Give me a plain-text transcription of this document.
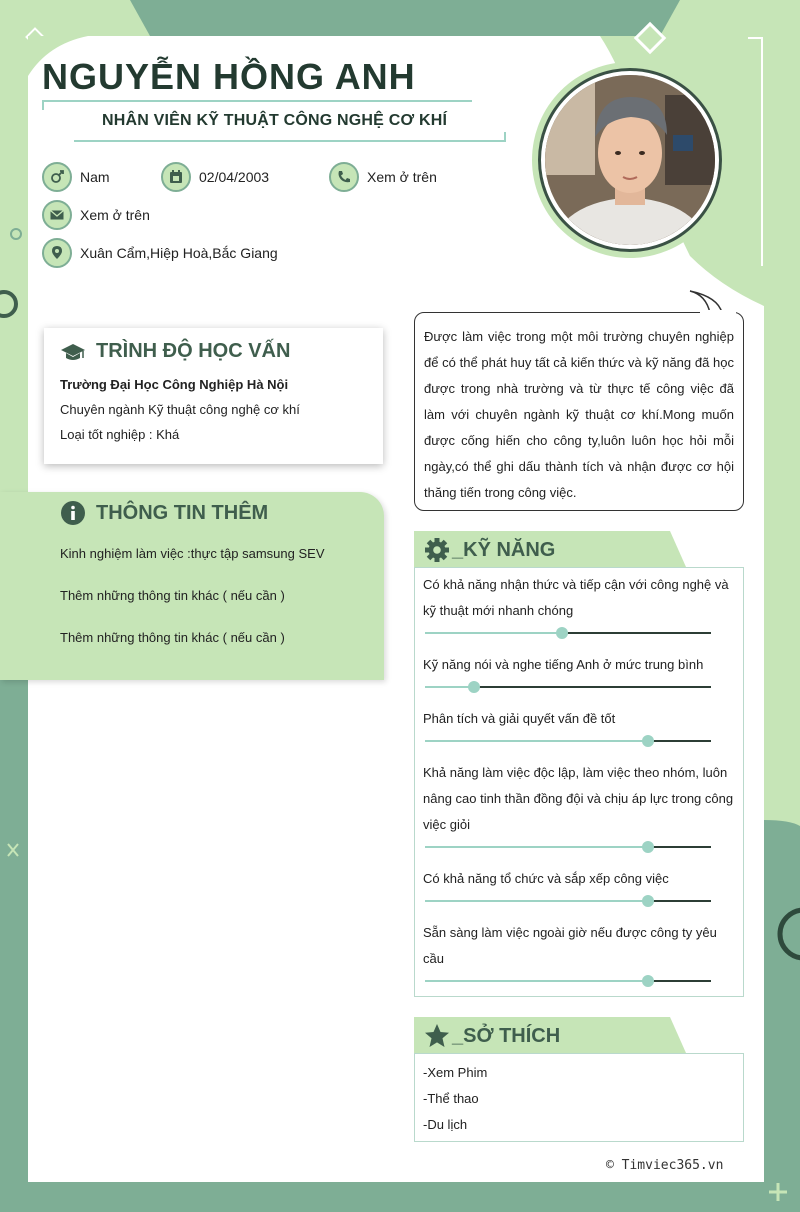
NGUYỄN HỒNG ANH
NHÂN VIÊN KỸ THUẬT CÔNG NGHỆ CƠ KHÍ
Nam	02/04/2003	Xem ở trên
Xem ở trên
Xuân Cẩm,Hiệp Hoà,Bắc Giang
TRÌNH ĐỘ HỌC VẤN
Trường Đại Học Công Nghiệp Hà Nội
Chuyên ngành Kỹ thuật công nghệ cơ khí
Loại tốt nghiệp : Khá
THÔNG TIN THÊM

Kinh nghiệm làm việc :thực tập samsung SEV

Thêm những thông tin khác ( nếu cần )

Thêm những thông tin khác ( nếu cần )

Được làm việc trong một môi trường chuyên nghiệp để có thể phát huy tất cả kiến thức và kỹ năng đã học được trong nhà trường và từ thực tế công việc đã làm với chuyên ngành kỹ thuật cơ khí.Mong muốn được cống hiến cho công ty,luôn luôn học hỏi mỗi ngày,có thể ghi dấu thành tích và nhận được cơ hội thăng tiến trong công việc.
_KỸ NĂNG
Có khả năng nhận thức và tiếp cận với công nghệ và kỹ thuật mới nhanh chóng
Kỹ năng nói và nghe tiếng Anh ở mức trung bình
Phân tích và giải quyết vấn đề tốt
Khả năng làm việc độc lập, làm việc theo nhóm, luôn nâng cao tinh thần đồng đội và chịu áp lực trong công việc giỏi
Có khả năng tổ chức và sắp xếp công việc
Sẵn sàng làm việc ngoài giờ nếu được công ty yêu cầu
_SỞ THÍCH
-Xem Phim
-Thể thao
-Du lịch
© Timviec365.vn
